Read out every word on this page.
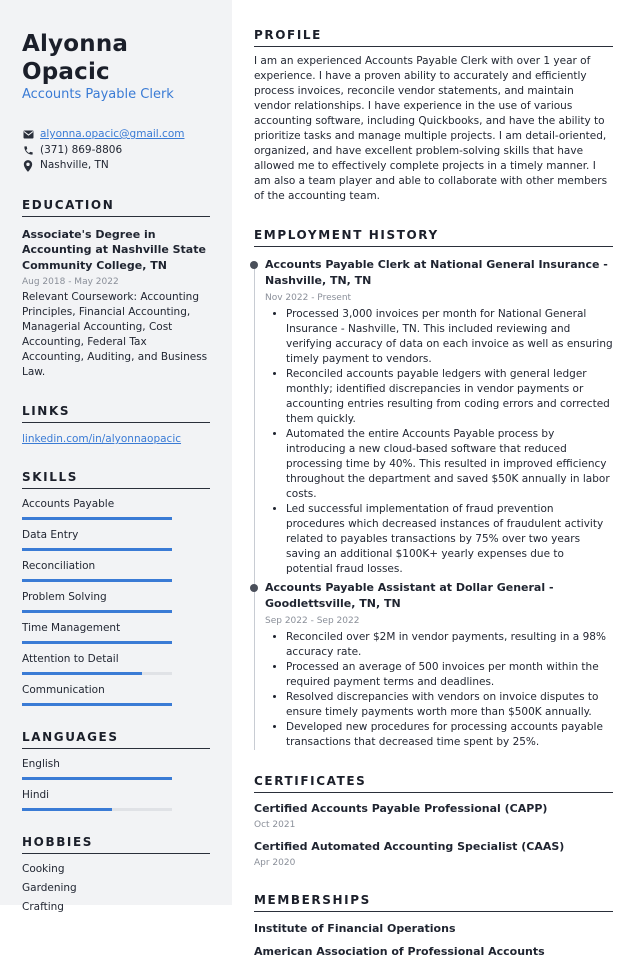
Alyonna Opacic
Accounts Payable Clerk
alyonna.opacic@gmail.com
(371) 869-8806
Nashville, TN
EDUCATION
Associate's Degree in Accounting at Nashville State Community College, TN
Aug 2018 - May 2022
Relevant Coursework: Accounting Principles, Financial Accounting, Managerial Accounting, Cost Accounting, Federal Tax Accounting, Auditing, and Business Law.
LINKS
linkedin.com/in/alyonnaopacic
SKILLS
Accounts Payable
Data Entry
Reconciliation
Problem Solving
Time Management
Attention to Detail
Communication
LANGUAGES
English
Hindi
HOBBIES
Cooking
Gardening
Crafting
PROFILE
I am an experienced Accounts Payable Clerk with over 1 year of experience. I have a proven ability to accurately and efficiently process invoices, reconcile vendor statements, and maintain vendor relationships. I have experience in the use of various accounting software, including Quickbooks, and have the ability to prioritize tasks and manage multiple projects. I am detail-oriented, organized, and have excellent problem-solving skills that have allowed me to effectively complete projects in a timely manner. I am also a team player and able to collaborate with other members of the accounting team.
EMPLOYMENT HISTORY
Accounts Payable Clerk at National General Insurance - Nashville, TN, TN
Nov 2022 - Present
• Processed 3,000 invoices per month for National General Insurance - Nashville, TN. This included reviewing and verifying accuracy of data on each invoice as well as ensuring timely payment to vendors.
• Reconciled accounts payable ledgers with general ledger monthly; identified discrepancies in vendor payments or accounting entries resulting from coding errors and corrected them quickly.
• Automated the entire Accounts Payable process by introducing a new cloud-based software that reduced processing time by 40%. This resulted in improved efficiency throughout the department and saved $50K annually in labor costs.
• Led successful implementation of fraud prevention procedures which decreased instances of fraudulent activity related to payables transactions by 75% over two years saving an additional $100K+ yearly expenses due to potential fraud losses.
Accounts Payable Assistant at Dollar General - Goodlettsville, TN, TN
Sep 2022 - Sep 2022
• Reconciled over $2M in vendor payments, resulting in a 98% accuracy rate.
• Processed an average of 500 invoices per month within the required payment terms and deadlines.
• Resolved discrepancies with vendors on invoice disputes to ensure timely payments worth more than $500K annually.
• Developed new procedures for processing accounts payable transactions that decreased time spent by 25%.
CERTIFICATES
Certified Accounts Payable Professional (CAPP)
Oct 2021
Certified Automated Accounting Specialist (CAAS)
Apr 2020
MEMBERSHIPS
Institute of Financial Operations
American Association of Professional Accounts
